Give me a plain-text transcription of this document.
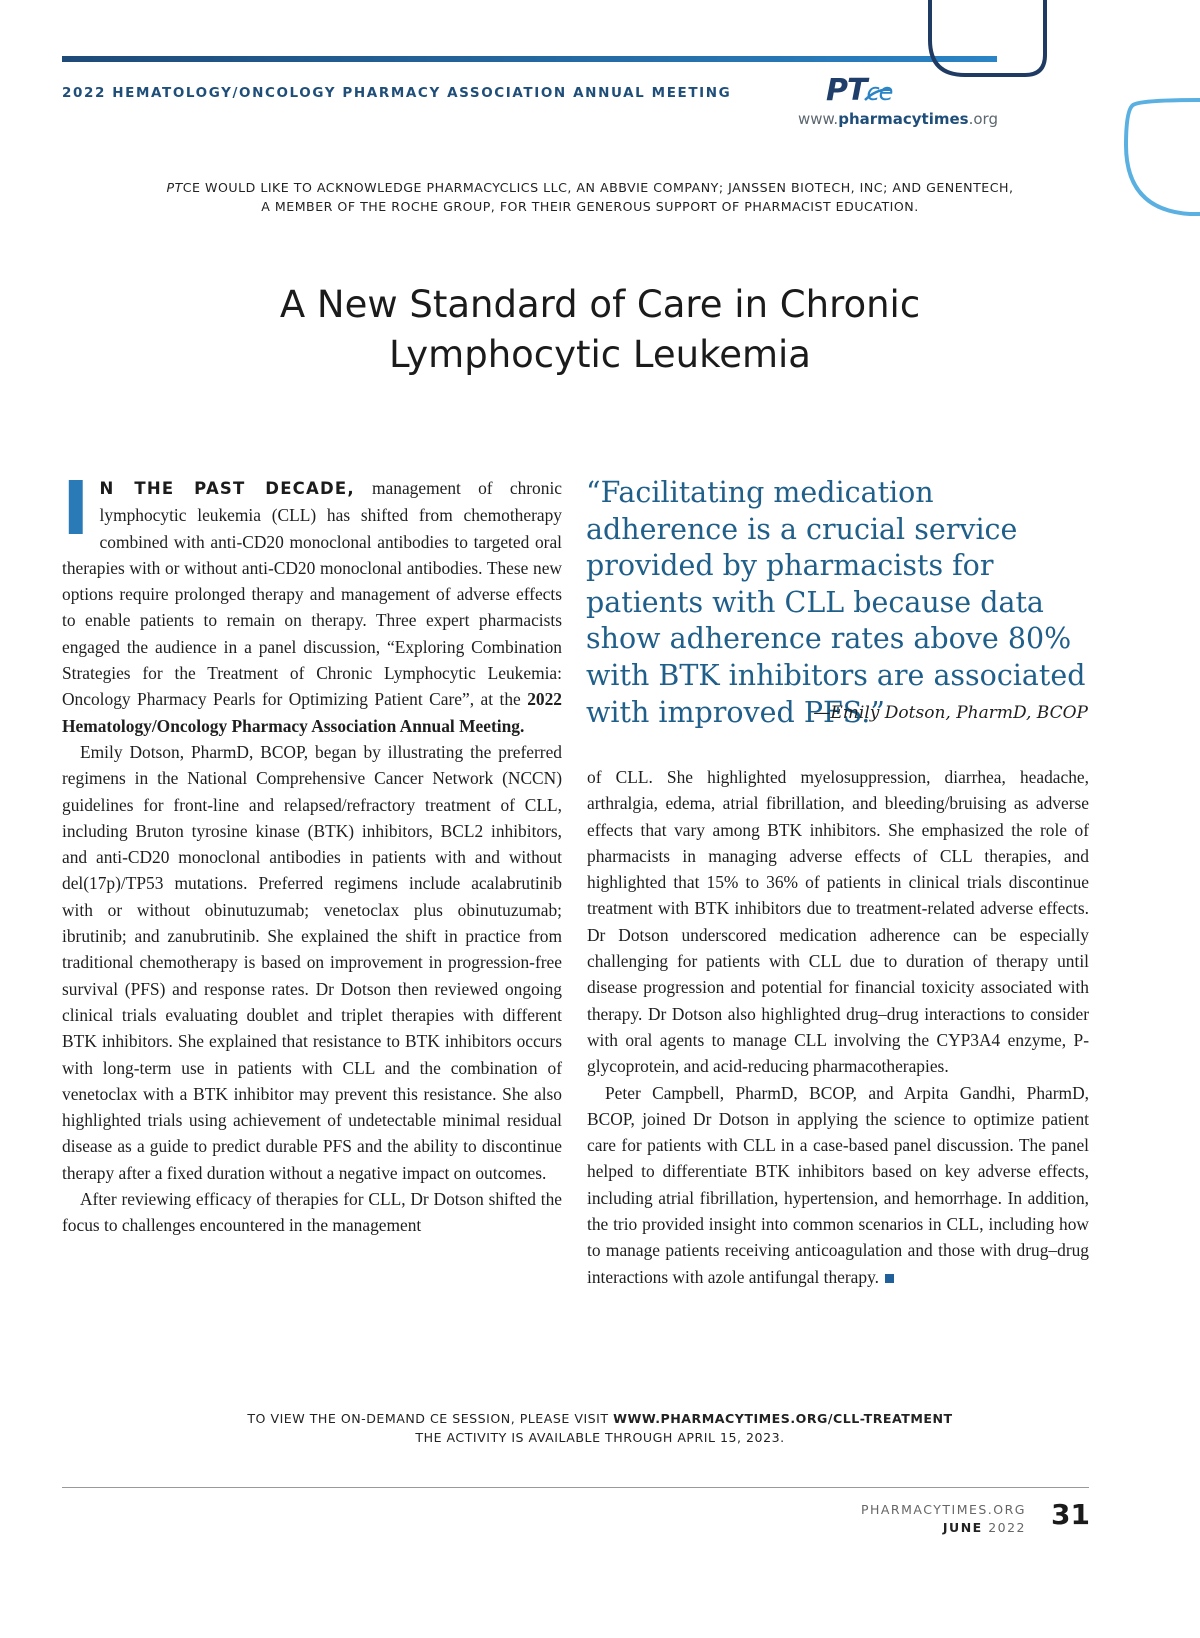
2022 HEMATOLOGY/ONCOLOGY PHARMACY ASSOCIATION ANNUAL MEETING	PTce
www.pharmacytimes.org
PTCE WOULD LIKE TO ACKNOWLEDGE PHARMACYCLICS LLC, AN ABBVIE COMPANY; JANSSEN BIOTECH, INC; AND GENENTECH,
A MEMBER OF THE ROCHE GROUP, FOR THEIR GENEROUS SUPPORT OF PHARMACIST EDUCATION.
A New Standard of Care in Chronic
Lymphocytic Leukemia

I N THE PAST DECADE, management of chronic lymphocytic leukemia (CLL) has shifted from chemotherapy combined with anti-CD20 monoclonal antibodies to targeted oral therapies with or without anti-CD20 monoclonal antibodies. These new options require prolonged therapy and management of adverse effects to enable patients to remain on therapy. Three expert pharmacists engaged the audience in a panel discussion, “Exploring Combination Strategies for the Treatment of Chronic Lymphocytic Leukemia: Oncology Pharmacy Pearls for Optimizing Patient Care”, at the 2022 Hematology/Oncology Pharmacy Association Annual Meeting.

Emily Dotson, PharmD, BCOP, began by illustrating the preferred regimens in the National Comprehensive Cancer Network (NCCN) guidelines for front-line and relapsed/refractory treatment of CLL, including Bruton tyrosine kinase (BTK) inhibitors, BCL2 inhibitors, and anti-CD20 monoclonal antibodies in patients with and without del(17p)/TP53 mutations. Preferred regimens include acalabrutinib with or without obinutuzumab; venetoclax plus obinutuzumab; ibrutinib; and zanubrutinib. She explained the shift in practice from traditional chemotherapy is based on improvement in progression-free survival (PFS) and response rates. Dr Dotson then reviewed ongoing clinical trials evaluating doublet and triplet therapies with different BTK inhibitors. She explained that resistance to BTK inhibitors occurs with long-term use in patients with CLL and the combination of venetoclax with a BTK inhibitor may prevent this resistance. She also highlighted trials using achievement of undetectable minimal residual disease as a guide to predict durable PFS and the ability to discontinue therapy after a fixed duration without a negative impact on outcomes.

After reviewing efficacy of therapies for CLL, Dr Dotson shifted the focus to challenges encountered in the management

“Facilitating medication adherence is a crucial service provided by pharmacists for patients with CLL because data show adherence rates above 80% with BTK inhibitors are associated with improved PFS.”
—Emily Dotson, PharmD, BCOP

of CLL. She highlighted myelosuppression, diarrhea, headache, arthralgia, edema, atrial fibrillation, and bleeding/bruising as adverse effects that vary among BTK inhibitors. She emphasized the role of pharmacists in managing adverse effects of CLL therapies, and highlighted that 15% to 36% of patients in clinical trials discontinue treatment with BTK inhibitors due to treatment-related adverse effects. Dr Dotson underscored medication adherence can be especially challenging for patients with CLL due to duration of therapy until disease progression and potential for financial toxicity associated with therapy. Dr Dotson also highlighted drug–drug interactions to consider with oral agents to manage CLL involving the CYP3A4 enzyme, P-glycoprotein, and acid-reducing pharmacotherapies.

Peter Campbell, PharmD, BCOP, and Arpita Gandhi, PharmD, BCOP, joined Dr Dotson in applying the science to optimize patient care for patients with CLL in a case-based panel discussion. The panel helped to differentiate BTK inhibitors based on key adverse effects, including atrial fibrillation, hypertension, and hemorrhage. In addition, the trio provided insight into common scenarios in CLL, including how to manage patients receiving anticoagulation and those with drug–drug interactions with azole antifungal therapy.

TO VIEW THE ON-DEMAND CE SESSION, PLEASE VISIT WWW.PHARMACYTIMES.ORG/CLL-TREATMENT
THE ACTIVITY IS AVAILABLE THROUGH APRIL 15, 2023.
PHARMACYTIMES.ORG
JUNE 2022 31
